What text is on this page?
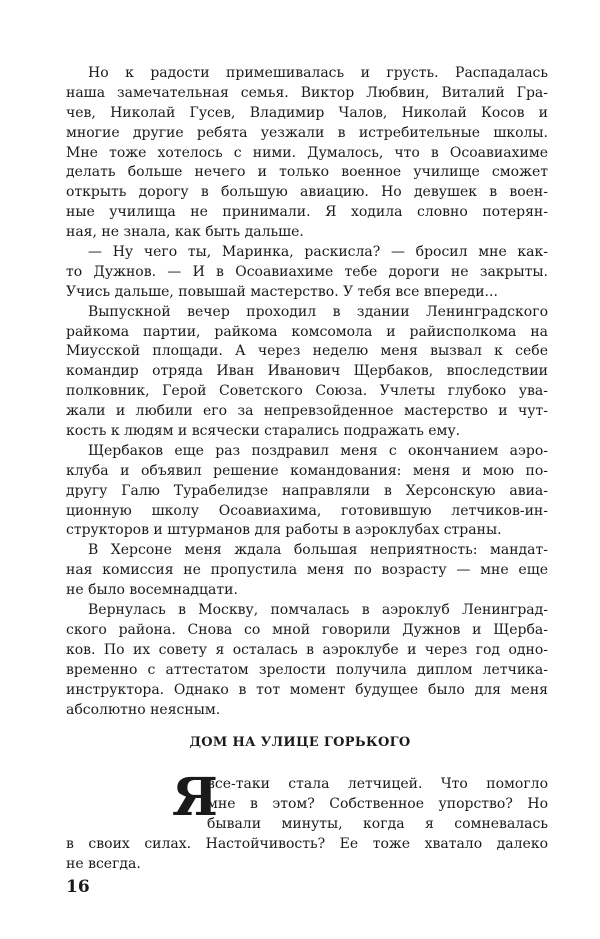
Но к радости примешивалась и грусть. Распадалась
наша замечательная семья. Виктор Любвин, Виталий Гра-
чев, Николай Гусев, Владимир Чалов, Николай Косов и
многие другие ребята уезжали в истребительные школы.
Мне тоже хотелось с ними. Думалось, что в Осоавиахиме
делать больше нечего и только военное училище сможет
открыть дорогу в большую авиацию. Но девушек в воен-
ные училища не принимали. Я ходила словно потерян-
ная, не знала, как быть дальше.
— Ну чего ты, Маринка, раскисла? — бросил мне как-
то Дужнов. — И в Осоавиахиме тебе дороги не закрыты.
Учись дальше, повышай мастерство. У тебя все впереди...
Выпускной вечер проходил в здании Ленинградского
райкома партии, райкома комсомола и райисполкома на
Миусской площади. А через неделю меня вызвал к себе
командир отряда Иван Иванович Щербаков, впоследствии
полковник, Герой Советского Союза. Учлеты глубоко ува-
жали и любили его за непревзойденное мастерство и чут-
кость к людям и всячески старались подражать ему.
Щербаков еще раз поздравил меня с окончанием аэро-
клуба и объявил решение командования: меня и мою по-
другу Галю Турабелидзе направляли в Херсонскую авиа-
ционную школу Осоавиахима, готовившую летчиков-ин-
структоров и штурманов для работы в аэроклубах страны.
В Херсоне меня ждала большая неприятность: мандат-
ная комиссия не пропустила меня по возрасту — мне еще
не было восемнадцати.
Вернулась в Москву, помчалась в аэроклуб Ленинград-
ского района. Снова со мной говорили Дужнов и Щерба-
ков. По их совету я осталась в аэроклубе и через год одно-
временно с аттестатом зрелости получила диплом летчика-
инструктора. Однако в тот момент будущее было для меня
абсолютно неясным.
ДОМ НА УЛИЦЕ ГОРЬКОГО
Я
все-таки стала летчицей. Что помогло
мне в этом? Собственное упорство? Но
бывали минуты, когда я сомневалась
в своих силах. Настойчивость? Ее тоже хватало далеко
не всегда.
16
